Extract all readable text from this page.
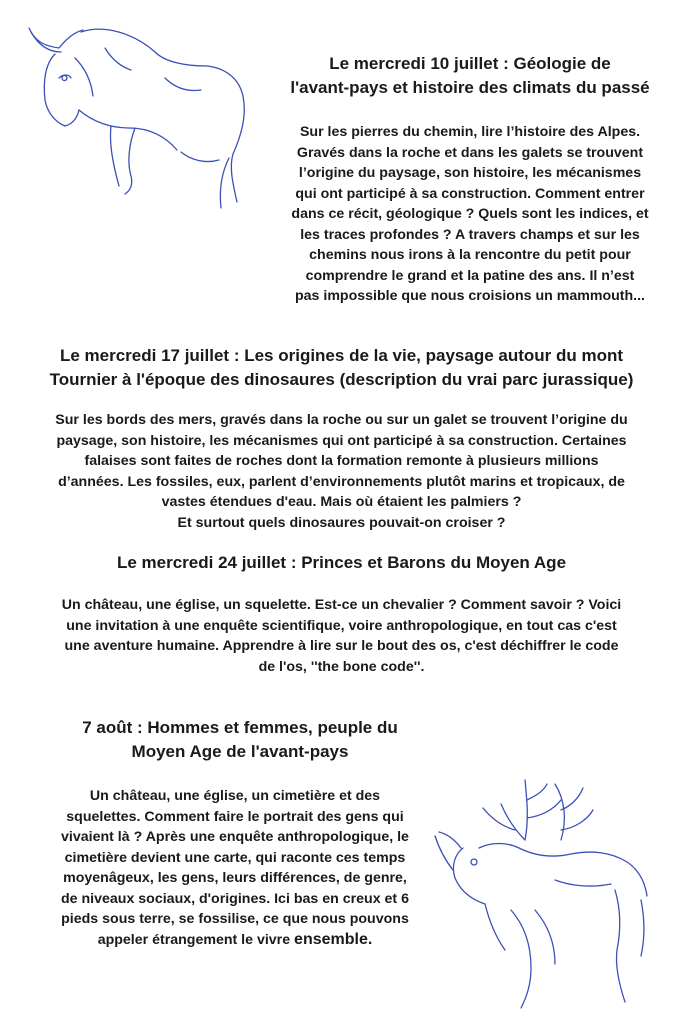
Le mercredi 10 juillet : Géologie de
l'avant-pays et histoire des climats du passé

Sur les pierres du chemin, lire l’histoire des Alpes.
Gravés dans la roche et dans les galets se trouvent
l’origine du paysage, son histoire, les mécanismes
qui ont participé à sa construction. Comment entrer
dans ce récit, géologique ? Quels sont les indices, et
les traces profondes ? A travers champs et sur les
chemins nous irons à la rencontre du petit pour
comprendre le grand et la patine des ans. Il n’est
pas impossible que nous croisions un mammouth...

Le mercredi 17 juillet : Les origines de la vie, paysage autour du mont
Tournier à l'époque des dinosaures (description du vrai parc jurassique)

Sur les bords des mers, gravés dans la roche ou sur un galet se trouvent l’origine du
paysage, son histoire, les mécanismes qui ont participé à sa construction. Certaines
falaises sont faites de roches dont la formation remonte à plusieurs millions
d’années. Les fossiles, eux, parlent d’environnements plutôt marins et tropicaux, de
vastes étendues d'eau. Mais où étaient les palmiers ?
Et surtout quels dinosaures pouvait-on croiser ?

Le mercredi 24 juillet : Princes et Barons du Moyen Age

Un château, une église, un squelette. Est-ce un chevalier ? Comment savoir ? Voici
une invitation à une enquête scientifique, voire anthropologique, en tout cas c'est
une aventure humaine. Apprendre à lire sur le bout des os, c'est déchiffrer le code
de l'os, ''the bone code''.

7 août : Hommes et femmes, peuple du
Moyen Age de l'avant-pays

Un château, une église, un cimetière et des
squelettes. Comment faire le portrait des gens qui
vivaient là ? Après une enquête anthropologique, le
cimetière devient une carte, qui raconte ces temps
moyenâgeux, les gens, leurs différences, de genre,
de niveaux sociaux, d'origines. Ici bas en creux et 6
pieds sous terre, se fossilise, ce que nous pouvons
appeler étrangement le vivre ensemble.
